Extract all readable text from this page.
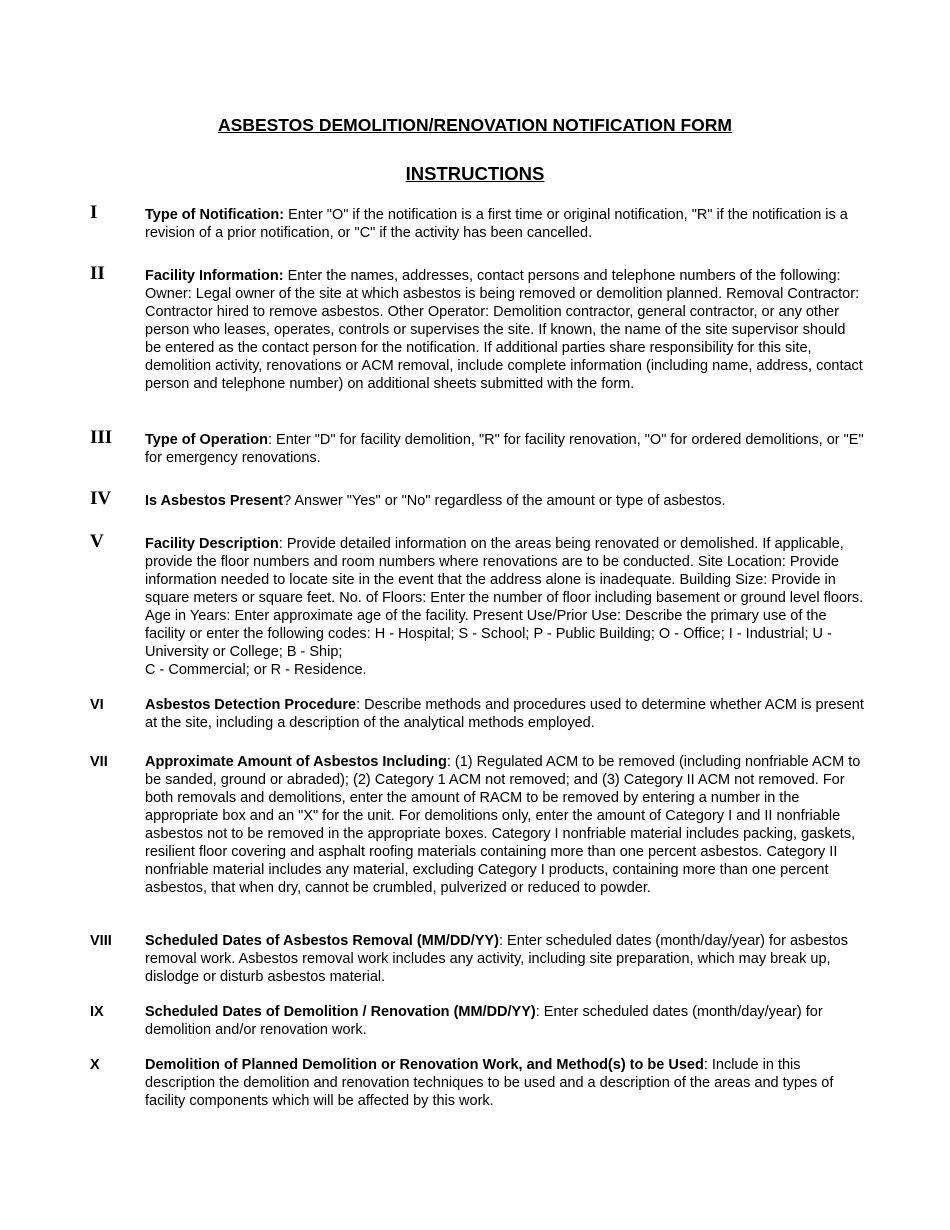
ASBESTOS DEMOLITION/RENOVATION NOTIFICATION FORM
INSTRUCTIONS
I	Type of Notification: Enter "O" if the notification is a first time or original notification, "R" if the notification is a revision of a prior notification, or "C" if the activity has been cancelled.
II	Facility Information: Enter the names, addresses, contact persons and telephone numbers of the following: Owner: Legal owner of the site at which asbestos is being removed or demolition planned. Removal Contractor: Contractor hired to remove asbestos. Other Operator: Demolition contractor, general contractor, or any other person who leases, operates, controls or supervises the site. If known, the name of the site supervisor should be entered as the contact person for the notification. If additional parties share responsibility for this site, demolition activity, renovations or ACM removal, include complete information (including name, address, contact person and telephone number) on additional sheets submitted with the form.
III	Type of Operation: Enter "D" for facility demolition, "R" for facility renovation, "O" for ordered demolitions, or "E" for emergency renovations.
IV	Is Asbestos Present? Answer "Yes" or "No" regardless of the amount or type of asbestos.
V	Facility Description: Provide detailed information on the areas being renovated or demolished. If applicable, provide the floor numbers and room numbers where renovations are to be conducted. Site Location: Provide information needed to locate site in the event that the address alone is inadequate. Building Size: Provide in square meters or square feet. No. of Floors: Enter the number of floor including basement or ground level floors. Age in Years: Enter approximate age of the facility. Present Use/Prior Use: Describe the primary use of the facility or enter the following codes: H - Hospital; S - School; P - Public Building; O - Office; I - Industrial; U - University or College; B - Ship;
C - Commercial; or R - Residence.
VI	Asbestos Detection Procedure: Describe methods and procedures used to determine whether ACM is present at the site, including a description of the analytical methods employed.
VII	Approximate Amount of Asbestos Including: (1) Regulated ACM to be removed (including nonfriable ACM to be sanded, ground or abraded); (2) Category 1 ACM not removed; and (3) Category II ACM not removed. For both removals and demolitions, enter the amount of RACM to be removed by entering a number in the appropriate box and an "X" for the unit. For demolitions only, enter the amount of Category I and II nonfriable asbestos not to be removed in the appropriate boxes. Category I nonfriable material includes packing, gaskets, resilient floor covering and asphalt roofing materials containing more than one percent asbestos. Category II nonfriable material includes any material, excluding Category I products, containing more than one percent asbestos, that when dry, cannot be crumbled, pulverized or reduced to powder.
VIII	Scheduled Dates of Asbestos Removal (MM/DD/YY): Enter scheduled dates (month/day/year) for asbestos removal work. Asbestos removal work includes any activity, including site preparation, which may break up, dislodge or disturb asbestos material.
IX	Scheduled Dates of Demolition / Renovation (MM/DD/YY): Enter scheduled dates (month/day/year) for demolition and/or renovation work.
X	Demolition of Planned Demolition or Renovation Work, and Method(s) to be Used: Include in this description the demolition and renovation techniques to be used and a description of the areas and types of facility components which will be affected by this work.
